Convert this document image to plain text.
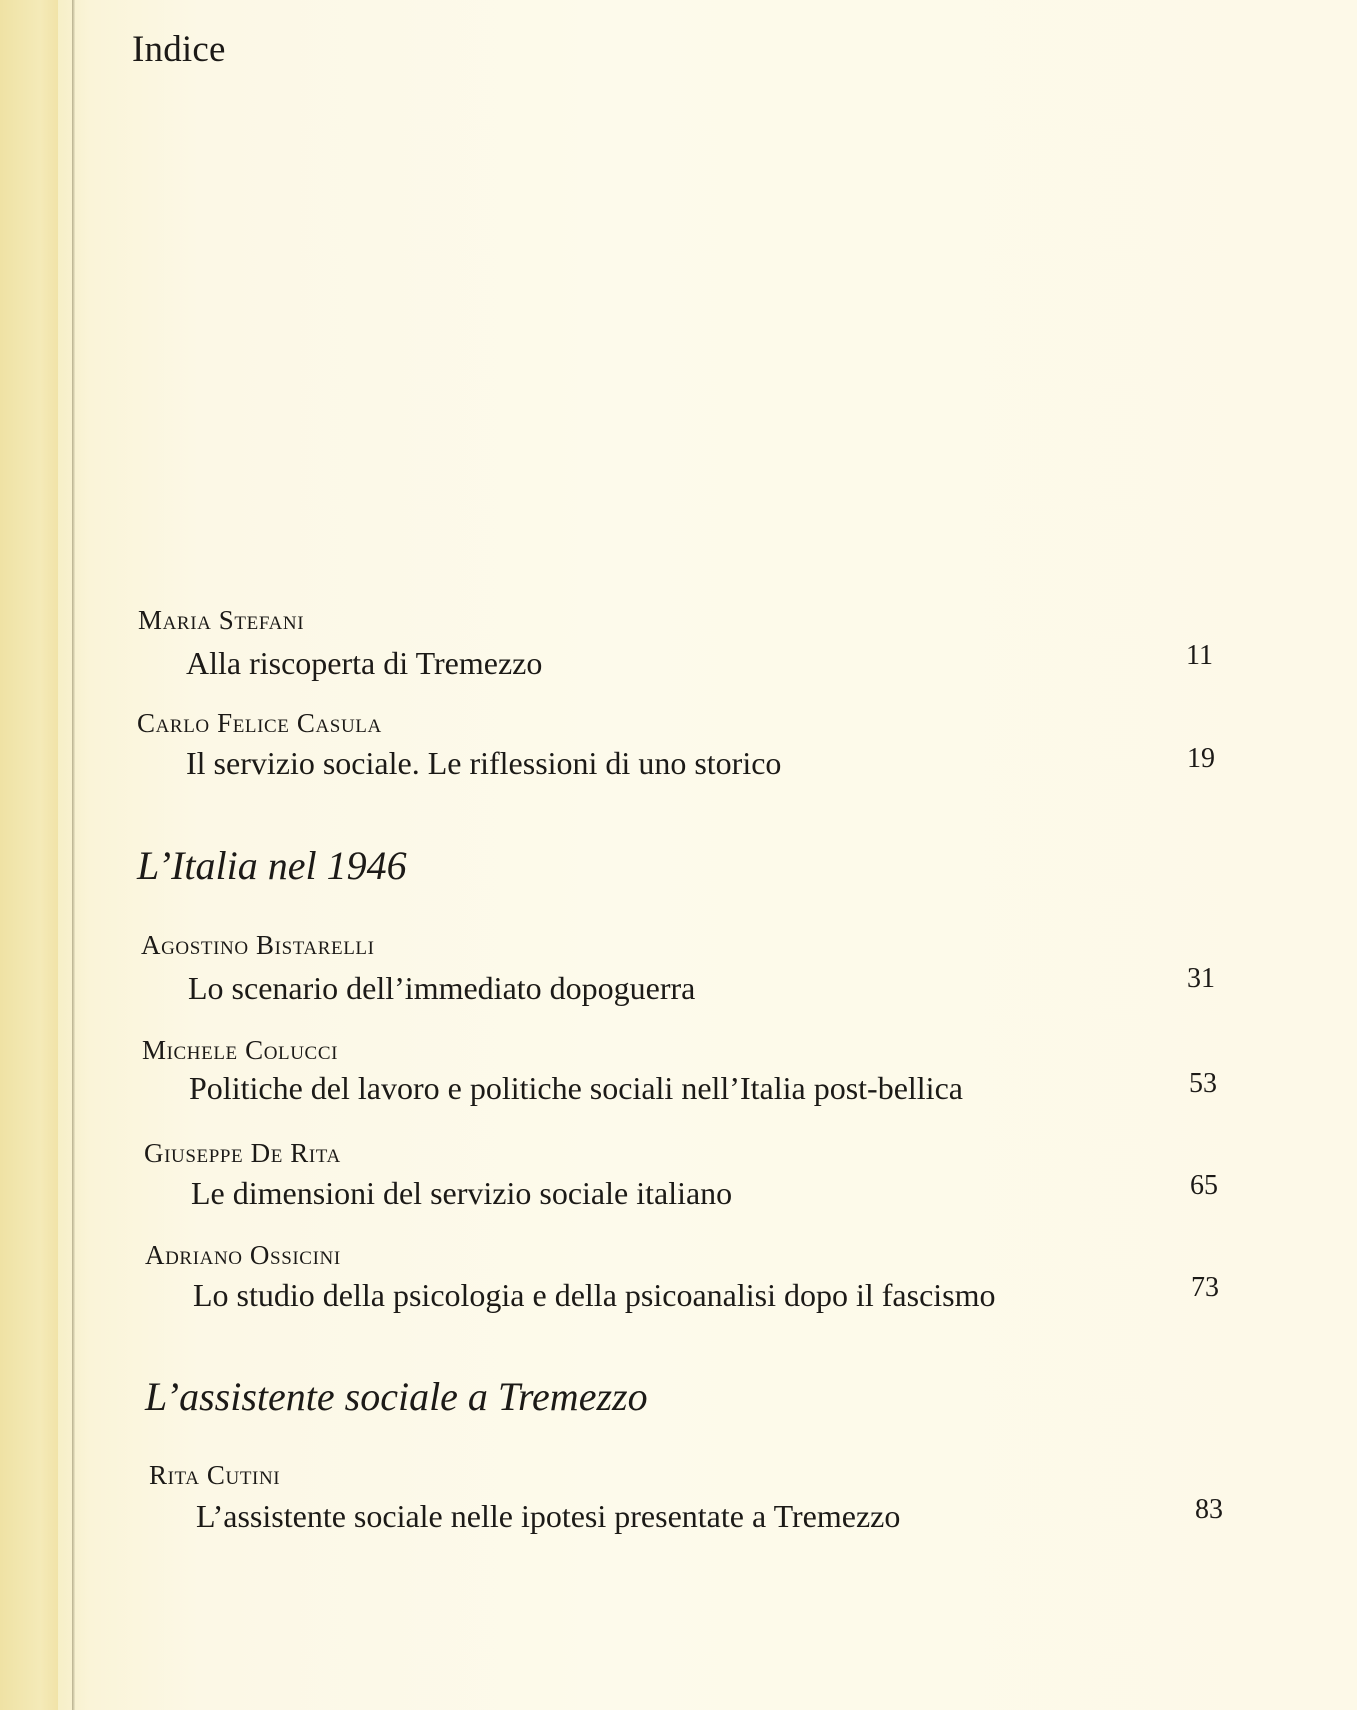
Indice
Maria Stefani
Alla riscoperta di Tremezzo	11
Carlo Felice Casula
Il servizio sociale. Le riflessioni di uno storico	19
L’Italia nel 1946
Agostino Bistarelli
Lo scenario dell’immediato dopoguerra	31
Michele Colucci
Politiche del lavoro e politiche sociali nell’Italia post-bellica	53
Giuseppe De Rita
Le dimensioni del servizio sociale italiano	65
Adriano Ossicini
Lo studio della psicologia e della psicoanalisi dopo il fascismo	73
L’assistente sociale a Tremezzo
Rita Cutini
L’assistente sociale nelle ipotesi presentate a Tremezzo	83
